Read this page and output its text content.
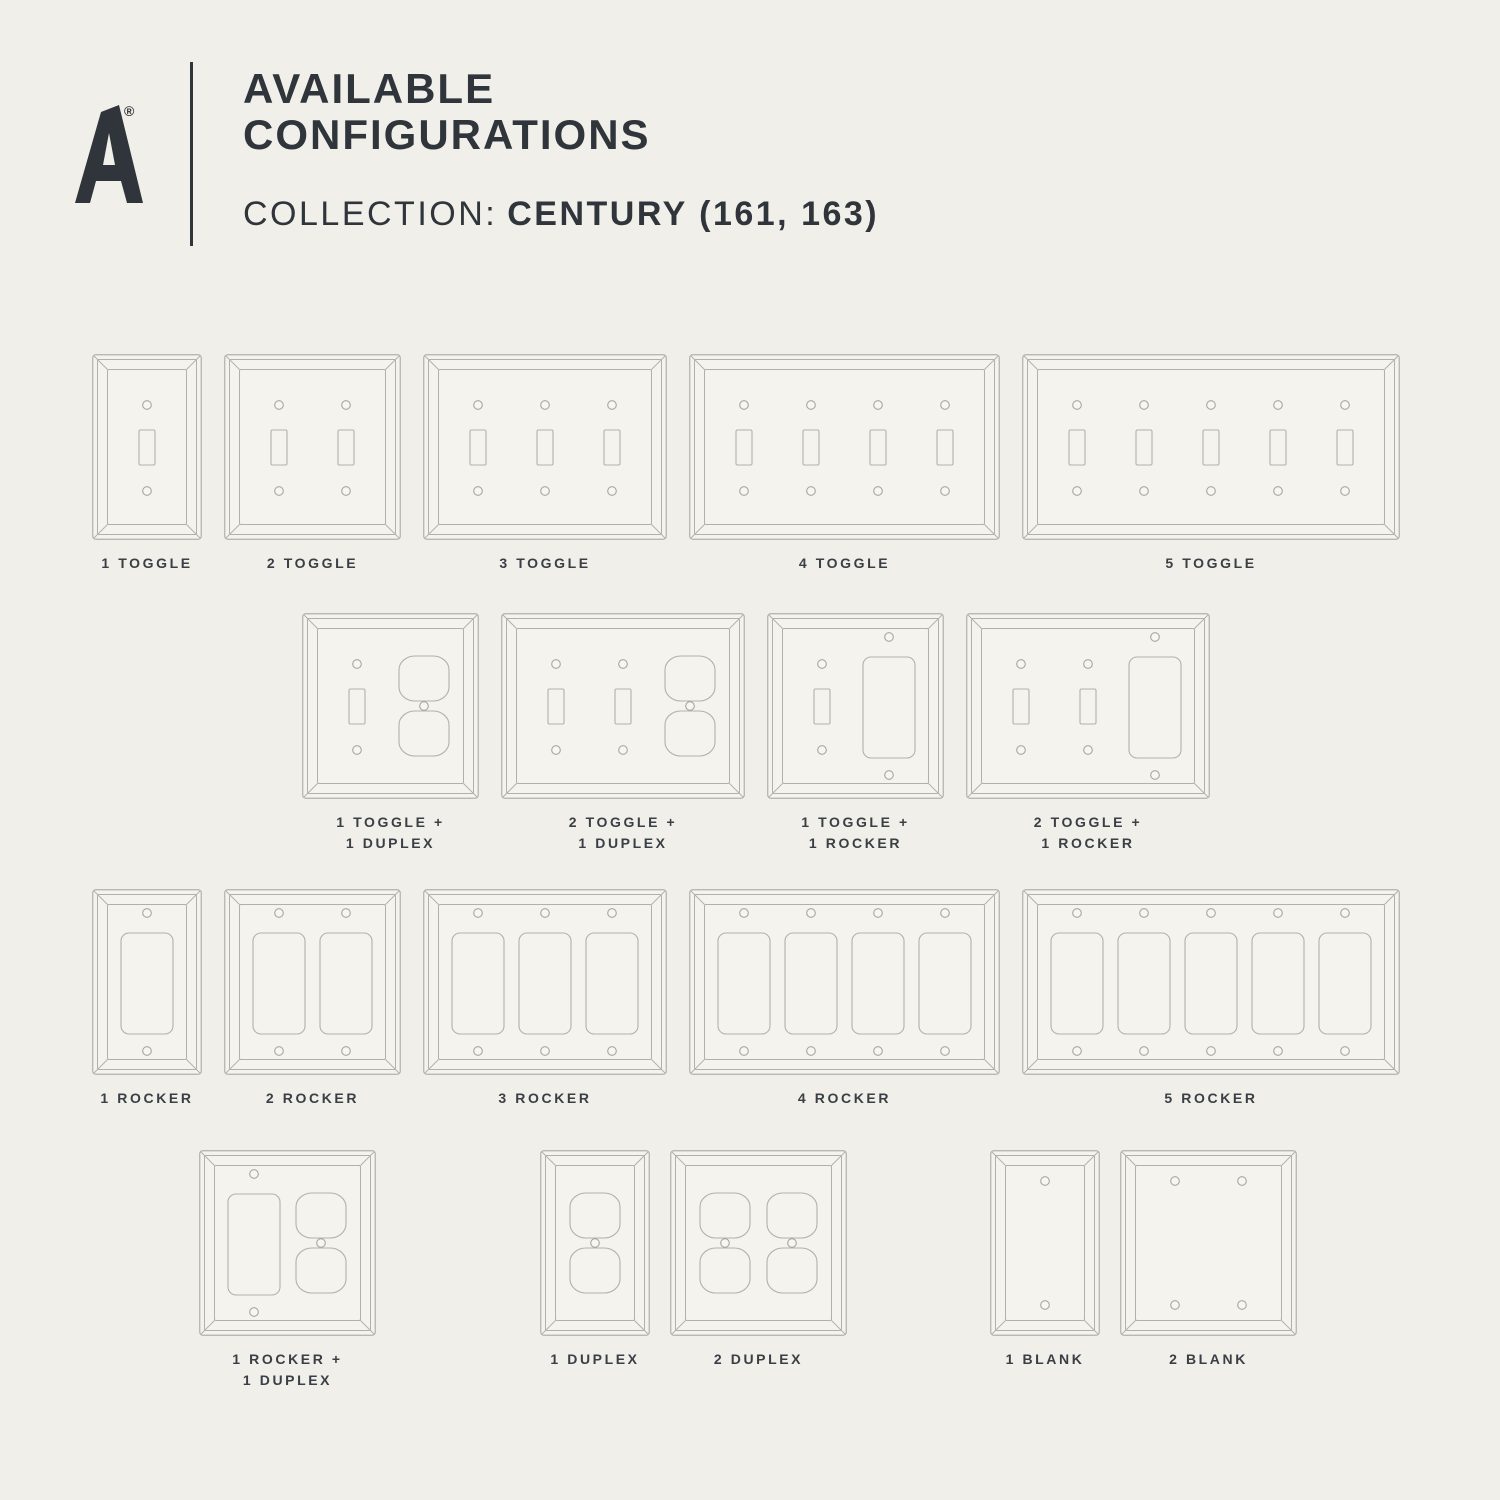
®	AVAILABLE
CONFIGURATIONS
COLLECTION: CENTURY (161, 163)
1 TOGGLE	2 TOGGLE	3 TOGGLE	4 TOGGLE	5 TOGGLE
1 TOGGLE +
1 DUPLEX
2 TOGGLE +
1 DUPLEX
1 TOGGLE +
1 ROCKER
2 TOGGLE +
1 ROCKER
1 ROCKER	2 ROCKER	3 ROCKER	4 ROCKER	5 ROCKER
1 ROCKER +
1 DUPLEX
1 DUPLEX	2 DUPLEX	1 BLANK	2 BLANK
